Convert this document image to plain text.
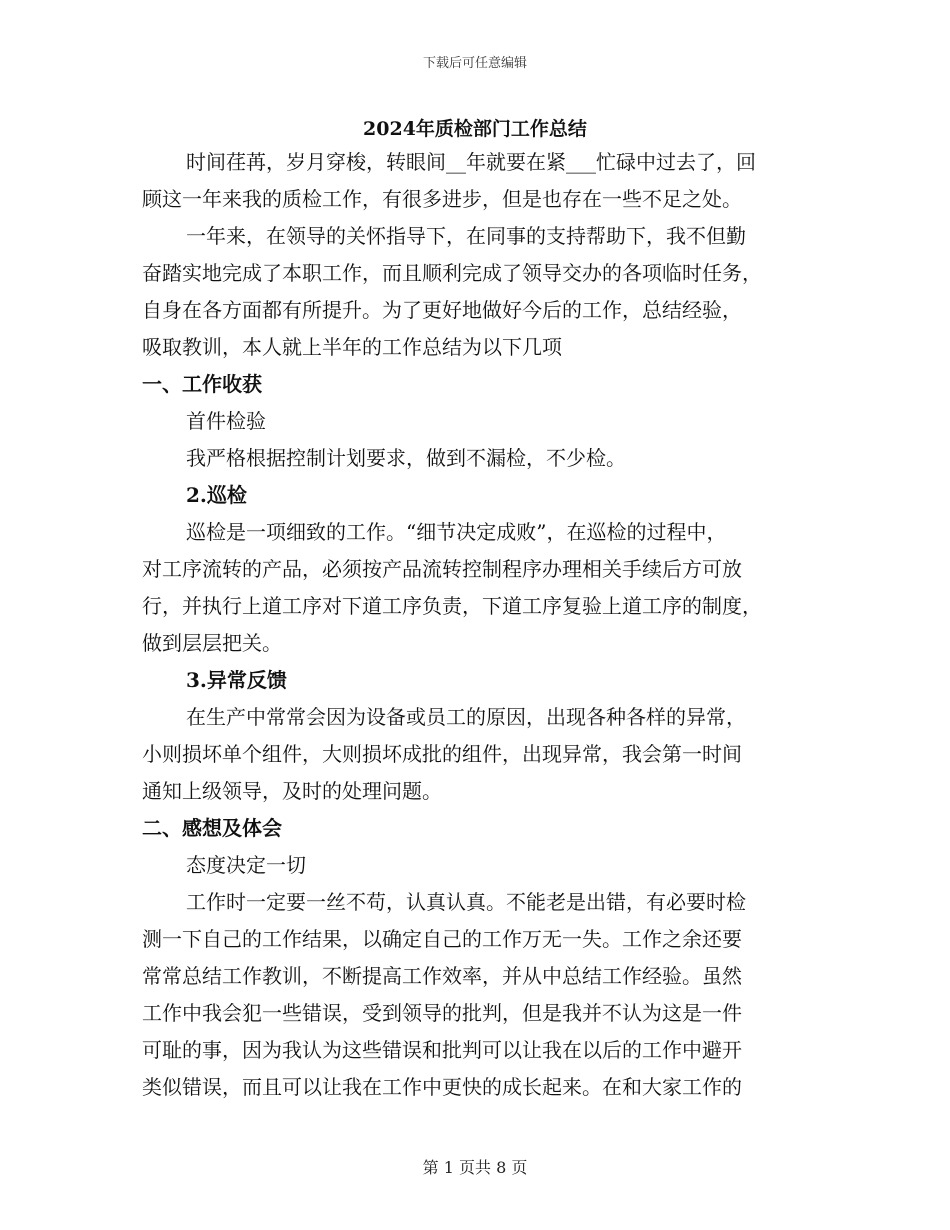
下载后可任意编辑
2024年质检部门工作总结

时间荏苒，岁月穿梭，转眼间__年就要在紧___忙碌中过去了，回

顾这一年来我的质检工作，有很多进步，但是也存在一些不足之处。

一年来，在领导的关怀指导下，在同事的支持帮助下，我不但勤

奋踏实地完成了本职工作，而且顺利完成了领导交办的各项临时任务，

自身在各方面都有所提升。为了更好地做好今后的工作，总结经验，

吸取教训，本人就上半年的工作总结为以下几项

一、工作收获

首件检验

我严格根据控制计划要求，做到不漏检，不少检。

2.巡检

巡检是一项细致的工作。“细节决定成败”，在巡检的过程中，

对工序流转的产品，必须按产品流转控制程序办理相关手续后方可放

行，并执行上道工序对下道工序负责，下道工序复验上道工序的制度，

做到层层把关。

3.异常反馈

在生产中常常会因为设备或员工的原因，出现各种各样的异常，

小则损坏单个组件，大则损坏成批的组件，出现异常，我会第一时间

通知上级领导，及时的处理问题。

二、感想及体会

态度决定一切

工作时一定要一丝不苟，认真认真。不能老是出错，有必要时检

测一下自己的工作结果，以确定自己的工作万无一失。工作之余还要

常常总结工作教训，不断提高工作效率，并从中总结工作经验。虽然

工作中我会犯一些错误，受到领导的批判，但是我并不认为这是一件

可耻的事，因为我认为这些错误和批判可以让我在以后的工作中避开

类似错误，而且可以让我在工作中更快的成长起来。在和大家工作的

第 1 页共 8 页
